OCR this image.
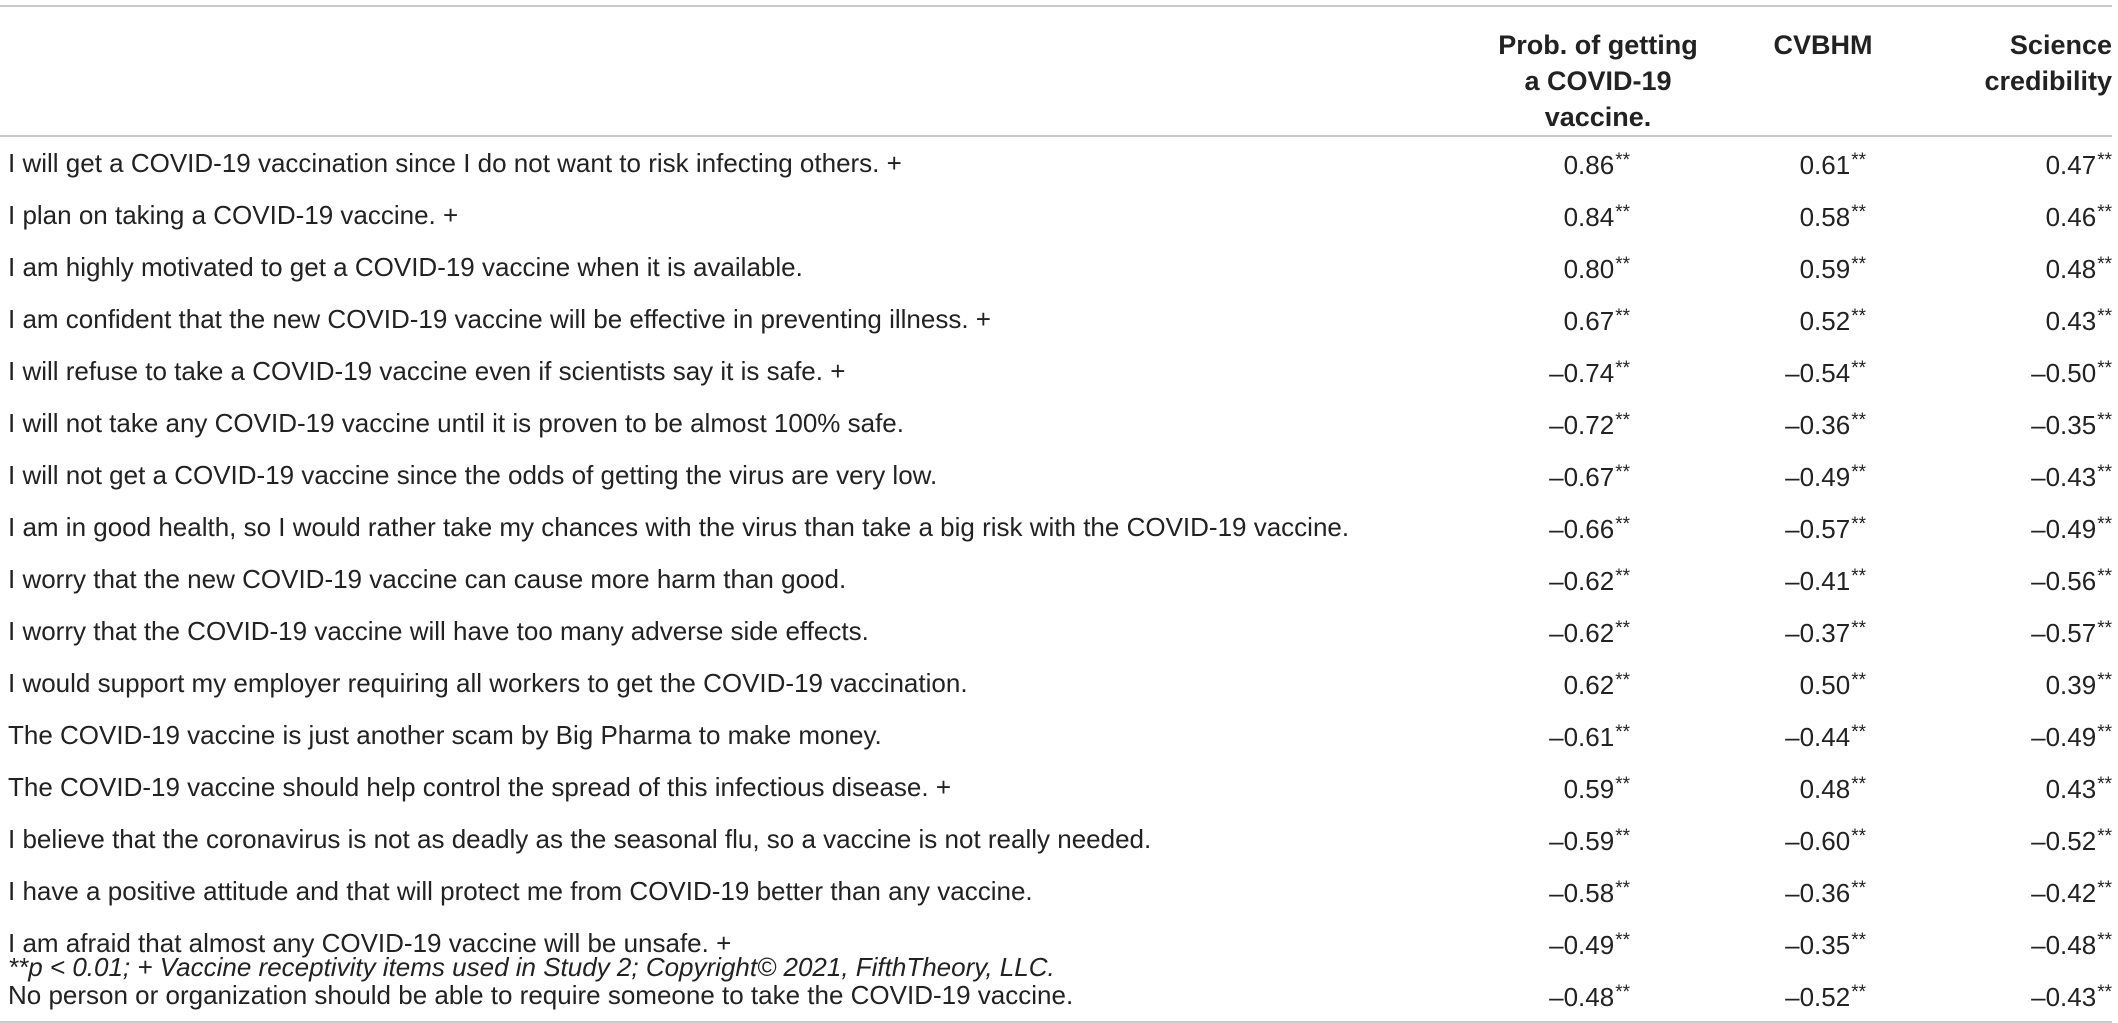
	Prob. of getting a COVID-19 vaccine.	CVBHM	Science credibility
I will get a COVID-19 vaccination since I do not want to risk infecting others. +	0.86**	0.61**	0.47**
I plan on taking a COVID-19 vaccine. +	0.84**	0.58**	0.46**
I am highly motivated to get a COVID-19 vaccine when it is available.	0.80**	0.59**	0.48**
I am confident that the new COVID-19 vaccine will be effective in preventing illness. +	0.67**	0.52**	0.43**
I will refuse to take a COVID-19 vaccine even if scientists say it is safe. +	–0.74**	–0.54**	–0.50**
I will not take any COVID-19 vaccine until it is proven to be almost 100% safe.	–0.72**	–0.36**	–0.35**
I will not get a COVID-19 vaccine since the odds of getting the virus are very low.	–0.67**	–0.49**	–0.43**
I am in good health, so I would rather take my chances with the virus than take a big risk with the COVID-19 vaccine.	–0.66**	–0.57**	–0.49**
I worry that the new COVID-19 vaccine can cause more harm than good.	–0.62**	–0.41**	–0.56**
I worry that the COVID-19 vaccine will have too many adverse side effects.	–0.62**	–0.37**	–0.57**
I would support my employer requiring all workers to get the COVID-19 vaccination.	0.62**	0.50**	0.39**
The COVID-19 vaccine is just another scam by Big Pharma to make money.	–0.61**	–0.44**	–0.49**
The COVID-19 vaccine should help control the spread of this infectious disease. +	0.59**	0.48**	0.43**
I believe that the coronavirus is not as deadly as the seasonal flu, so a vaccine is not really needed.	–0.59**	–0.60**	–0.52**
I have a positive attitude and that will protect me from COVID-19 better than any vaccine.	–0.58**	–0.36**	–0.42**
I am afraid that almost any COVID-19 vaccine will be unsafe. +	–0.49**	–0.35**	–0.48**
No person or organization should be able to require someone to take the COVID-19 vaccine.	–0.48**	–0.52**	–0.43**
**p < 0.01; + Vaccine receptivity items used in Study 2; Copyright© 2021, FifthTheory, LLC.
